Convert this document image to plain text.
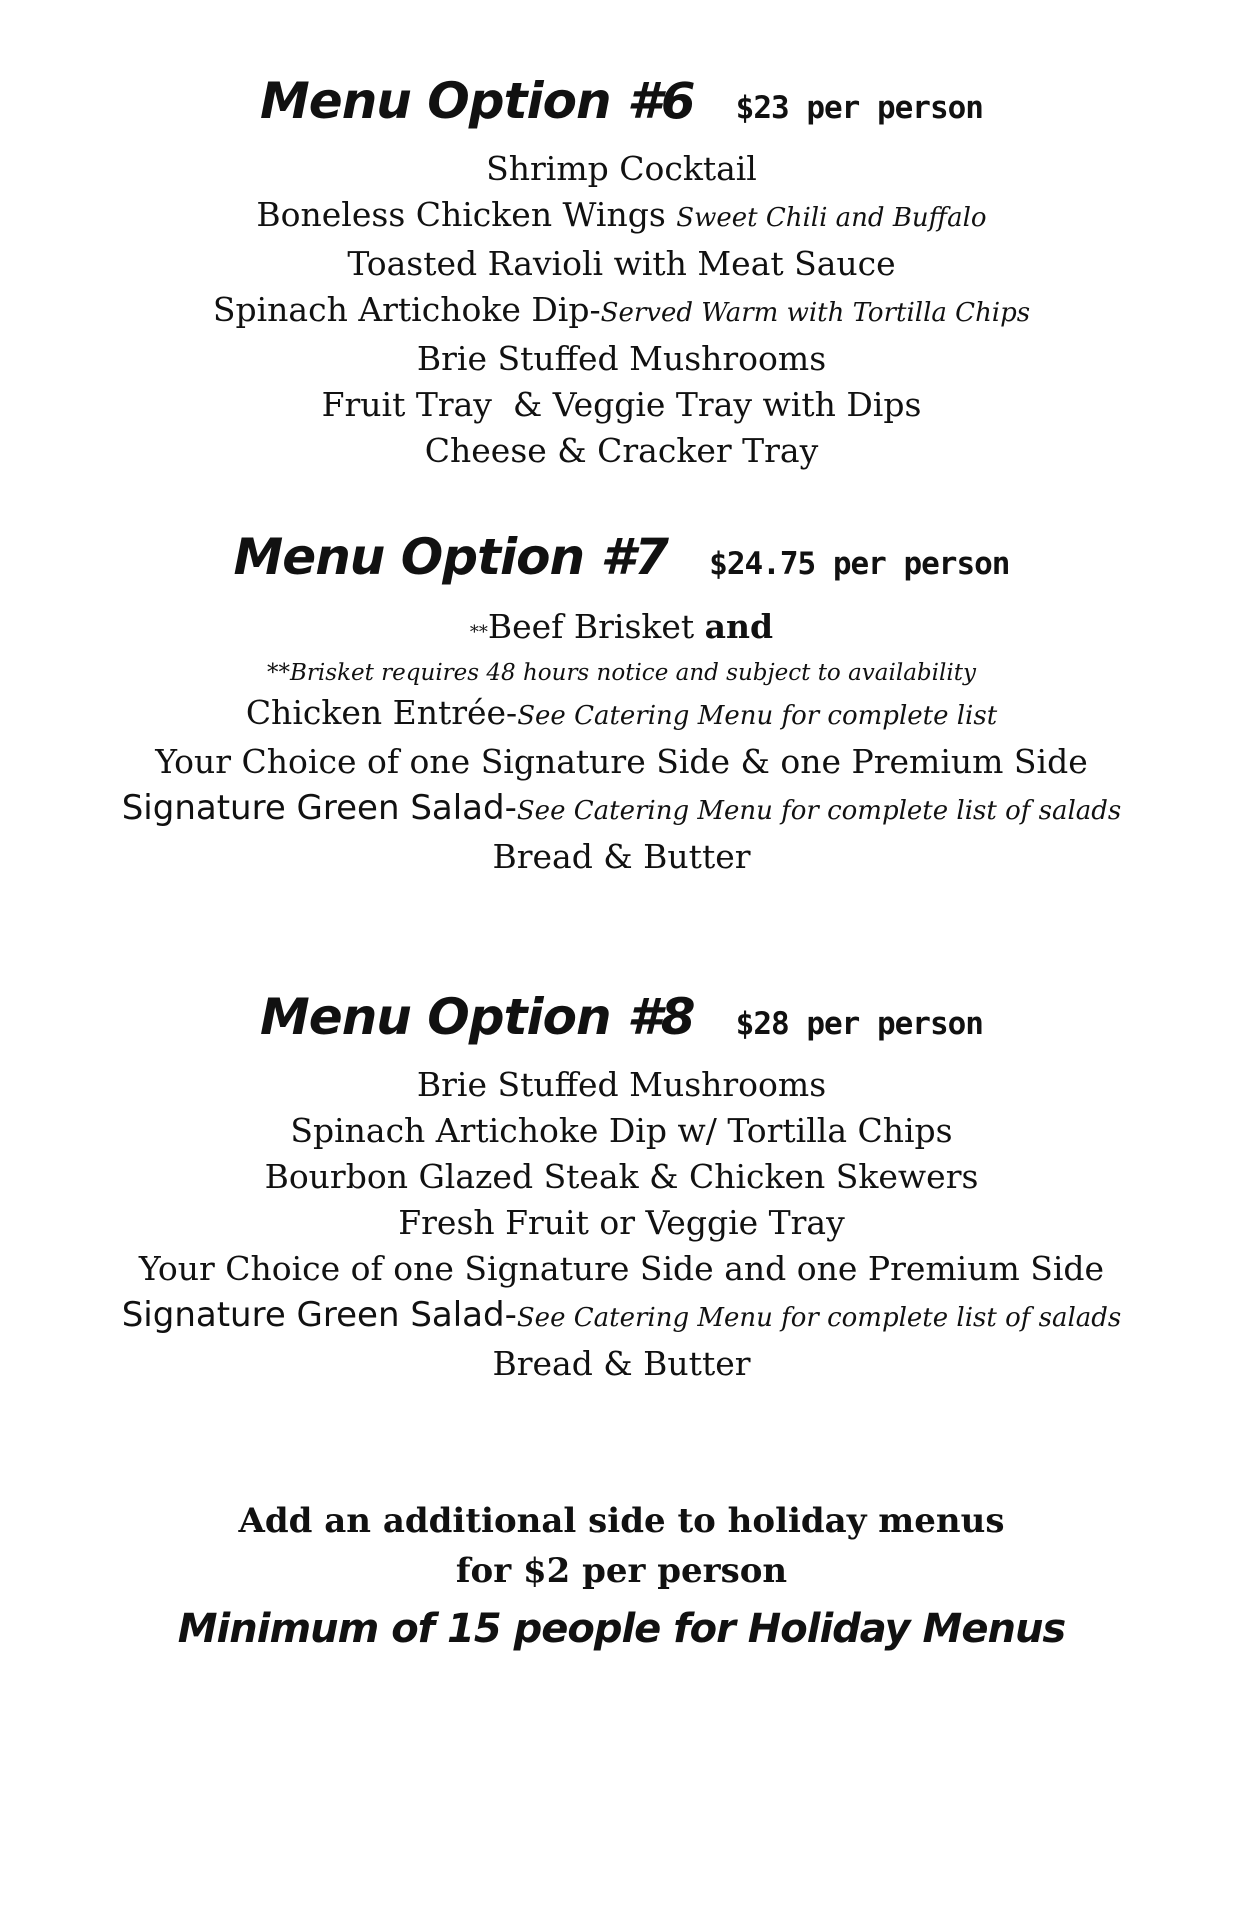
Menu Option #6 $23 per person
Shrimp Cocktail
Boneless Chicken Wings Sweet Chili and Buffalo
Toasted Ravioli with Meat Sauce
Spinach Artichoke Dip-Served Warm with Tortilla Chips
Brie Stuffed Mushrooms
Fruit Tray  & Veggie Tray with Dips
Cheese & Cracker Tray
Menu Option #7 $24.75 per person
**Beef Brisket and
**Brisket requires 48 hours notice and subject to availability
Chicken Entrée-See Catering Menu for complete list
Your Choice of one Signature Side & one Premium Side
Signature Green Salad-See Catering Menu for complete list of salads
Bread & Butter
Menu Option #8 $28 per person
Brie Stuffed Mushrooms
Spinach Artichoke Dip w/ Tortilla Chips
Bourbon Glazed Steak & Chicken Skewers
Fresh Fruit or Veggie Tray
Your Choice of one Signature Side and one Premium Side
Signature Green Salad-See Catering Menu for complete list of salads
Bread & Butter
Add an additional side to holiday menus
for $2 per person
Minimum of 15 people for Holiday Menus
